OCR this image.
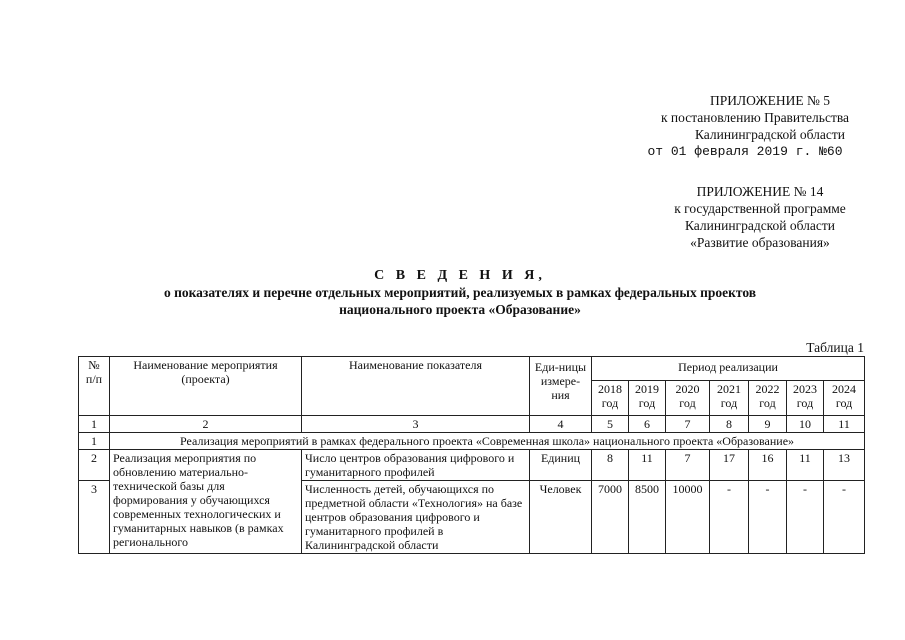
ПРИЛОЖЕНИЕ № 5
к постановлению Правительства
Калининградской области
от 01 февраля 2019 г. №60
ПРИЛОЖЕНИЕ № 14
к государственной программе
Калининградской области
«Развитие образования»
С В Е Д Е Н И Я,
о показателях и перечне отдельных мероприятий, реализуемых в рамках федеральных проектов
национального проекта «Образование»
Таблица 1
№ п/п	Наименование мероприятия (проекта)	Наименование показателя	Еди-ницы измере-ния	Период реализации						
				2018 год	2019 год	2020 год	2021 год	2022 год	2023 год	2024 год
1	2	3	4	5	6	7	8	9	10	11
1	Реализация мероприятий в рамках федерального проекта «Современная школа» национального проекта «Образование»									
2	Реализация мероприятия по обновлению материально-технической базы для формирования у обучающихся современных технологических и гуманитарных навыков (в рамках регионального	Число центров образования цифрового и гуманитарного профилей	Единиц	8	11	7	17	16	11	13
3		Численность детей, обучающихся по предметной области «Технология» на базе центров образования цифрового и гуманитарного профилей в Калининградской области	Человек	7000	8500	10000	-	-	-	-
